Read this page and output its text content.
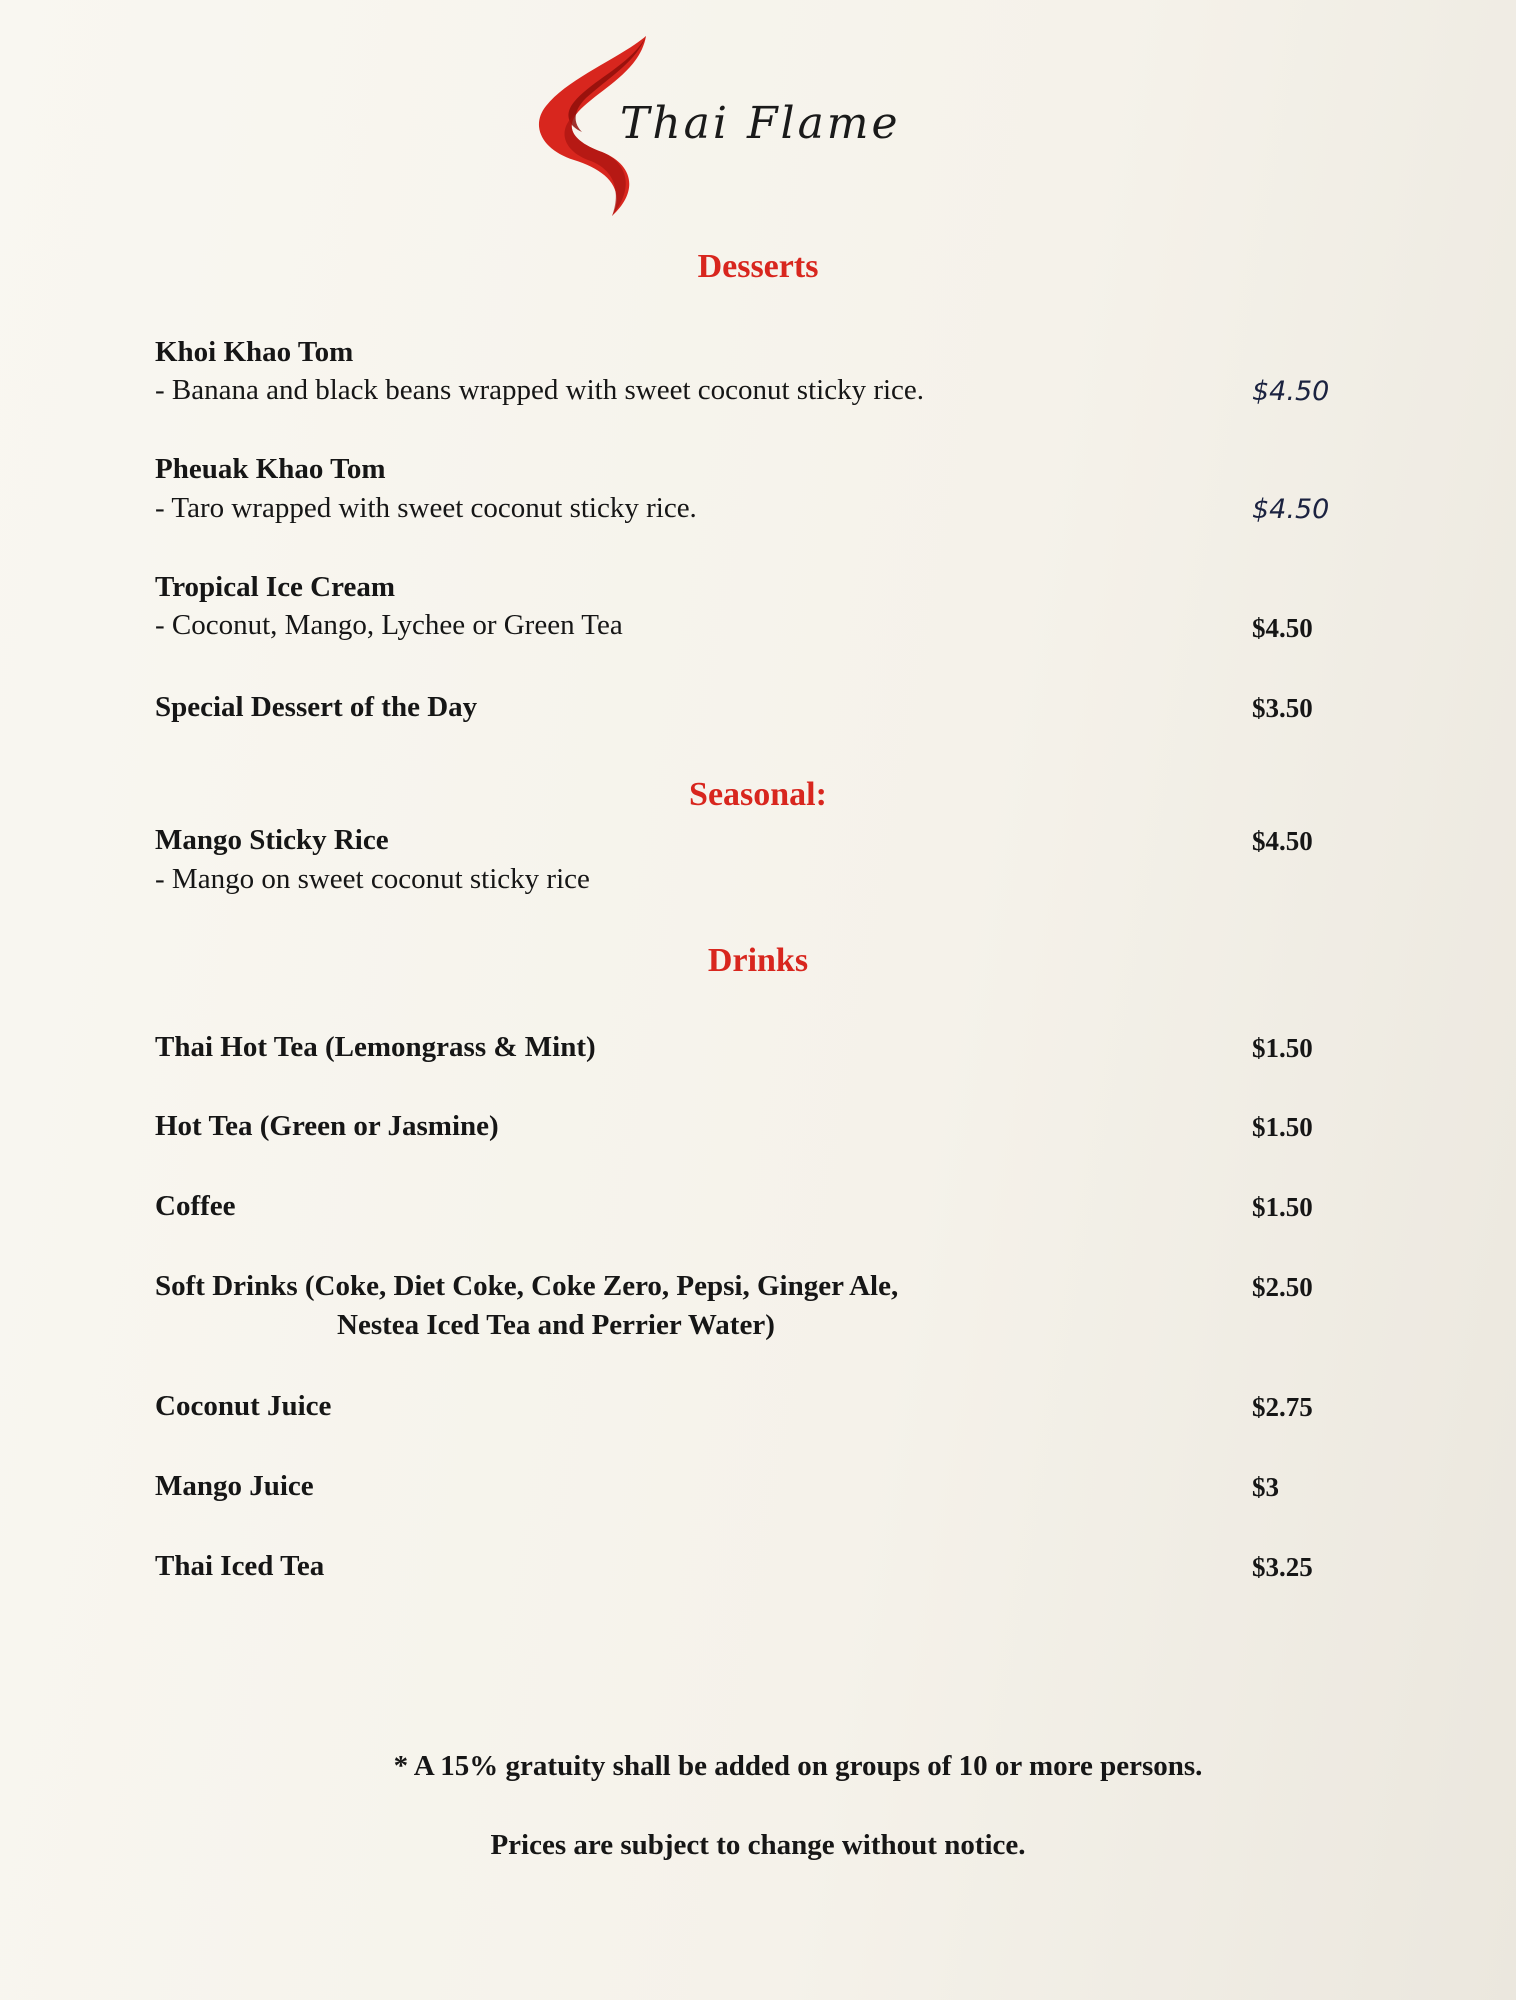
Thai Flame
Desserts
Khoi Khao Tom
- Banana and black beans wrapped with sweet coconut sticky rice.	$4.50
Pheuak Khao Tom
- Taro wrapped with sweet coconut sticky rice.	$4.50
Tropical Ice Cream
- Coconut, Mango, Lychee or Green Tea	$4.50
Special Dessert of the Day	$3.50
Seasonal:
Mango Sticky Rice	$4.50
- Mango on sweet coconut sticky rice
Drinks
Thai Hot Tea (Lemongrass & Mint)	$1.50
Hot Tea (Green or Jasmine)	$1.50
Coffee	$1.50
Soft Drinks (Coke, Diet Coke, Coke Zero, Pepsi, Ginger Ale,
Nestea Iced Tea and Perrier Water)
$2.50
Coconut Juice	$2.75
Mango Juice	$3
Thai Iced Tea	$3.25
* A 15% gratuity shall be added on groups of 10 or more persons.
Prices are subject to change without notice.
